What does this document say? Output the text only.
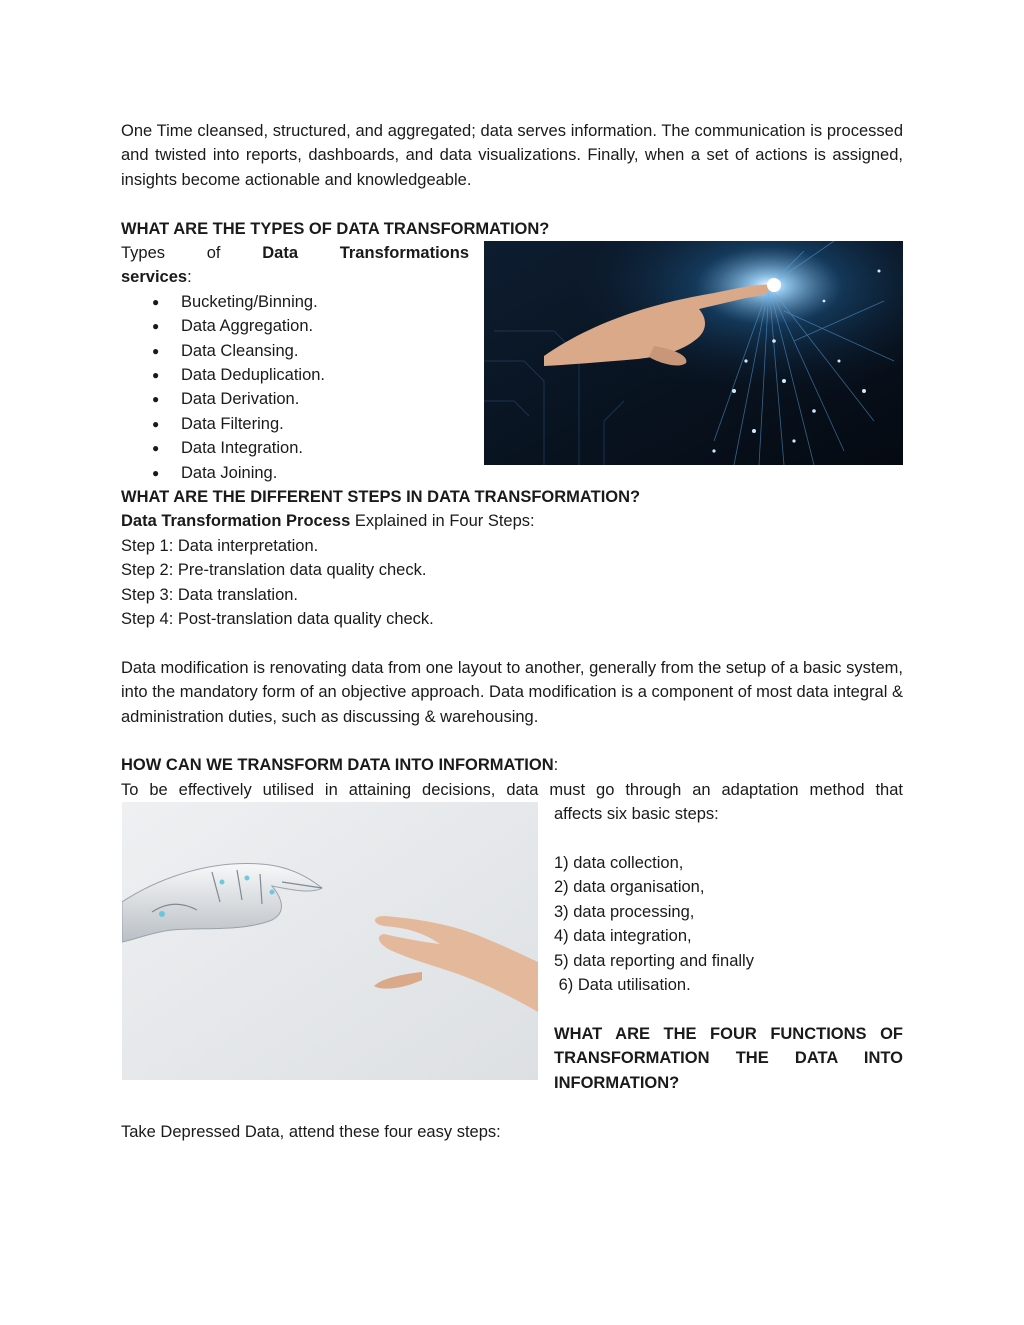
One Time cleansed, structured, and aggregated; data serves information. The communication is processed and twisted into reports, dashboards, and data visualizations. Finally, when a set of actions is assigned, insights become actionable and knowledgeable.

WHAT ARE THE TYPES OF DATA TRANSFORMATION?

Types	of	Data	Transformations

services:

● Bucketing/Binning.
● Data Aggregation.
● Data Cleansing.
● Data Deduplication.
● Data Derivation.
● Data Filtering.
● Data Integration.
● Data Joining.

WHAT ARE THE DIFFERENT STEPS IN DATA TRANSFORMATION?

Data Transformation Process Explained in Four Steps:

Step 1: Data interpretation.

Step 2: Pre-translation data quality check.

Step 3: Data translation.

Step 4: Post-translation data quality check.

Data modification is renovating data from one layout to another, generally from the setup of a basic system, into the mandatory form of an objective approach. Data modification is a component of most data integral & administration duties, such as discussing & warehousing.

HOW CAN WE TRANSFORM DATA INTO INFORMATION:

To be effectively utilised in attaining decisions, data must go through an adaptation method that

affects six basic steps:

1) data collection,

2) data organisation,

3) data processing,

4) data integration,

5) data reporting and finally

6) Data utilisation.

WHAT ARE THE FOUR FUNCTIONS OF

TRANSFORMATION THE DATA INTO

INFORMATION?

Take Depressed Data, attend these four easy steps:
